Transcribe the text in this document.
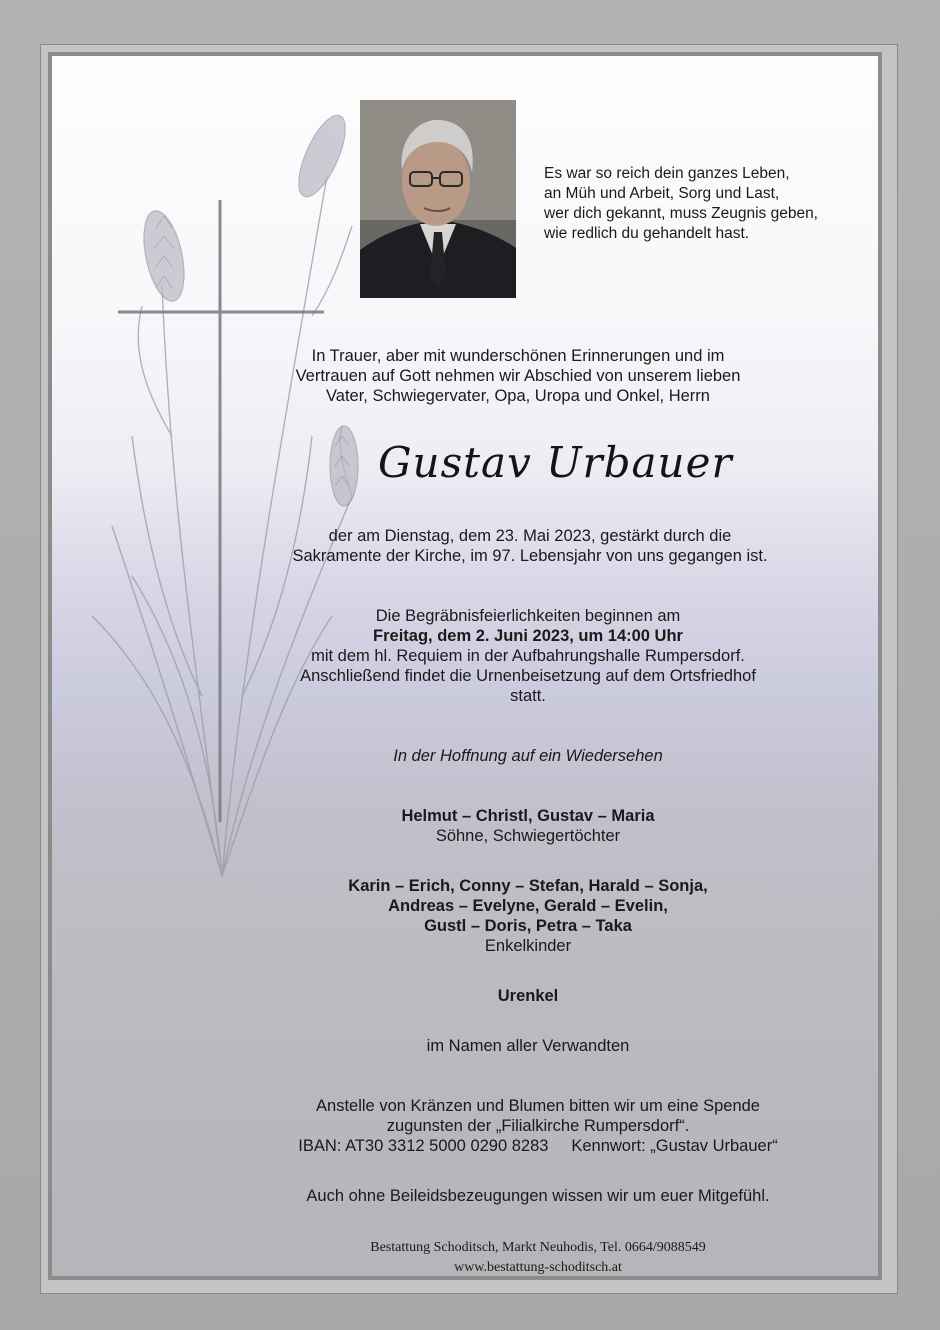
Es war so reich dein ganzes Leben,
an Müh und Arbeit, Sorg und Last,
wer dich gekannt, muss Zeugnis geben,
wie redlich du gehandelt hast.
In Trauer, aber mit wunderschönen Erinnerungen und im
Vertrauen auf Gott nehmen wir Abschied von unserem lieben
Vater, Schwiegervater, Opa, Uropa und Onkel, Herrn

Gustav Urbauer

der am Dienstag, dem 23. Mai 2023, gestärkt durch die
Sakramente der Kirche, im 97. Lebensjahr von uns gegangen ist.
Die Begräbnisfeierlichkeiten beginnen am
Freitag, dem 2. Juni 2023, um 14:00 Uhr
mit dem hl. Requiem in der Aufbahrungshalle Rumpersdorf.
Anschließend findet die Urnenbeisetzung auf dem Ortsfriedhof
statt.
In der Hoffnung auf ein Wiedersehen
Helmut – Christl, Gustav – Maria
Söhne, Schwiegertöchter
Karin – Erich, Conny – Stefan, Harald – Sonja,
Andreas – Evelyne, Gerald – Evelin,
Gustl – Doris, Petra – Taka
Enkelkinder
Urenkel
im Namen aller Verwandten
Anstelle von Kränzen und Blumen bitten wir um eine Spende
zugunsten der „Filialkirche Rumpersdorf“.
IBAN: AT30 3312 5000 0290 8283     Kennwort: „Gustav Urbauer“
Auch ohne Beileidsbezeugungen wissen wir um euer Mitgefühl.
Bestattung Schoditsch, Markt Neuhodis, Tel. 0664/9088549
www.bestattung-schoditsch.at
